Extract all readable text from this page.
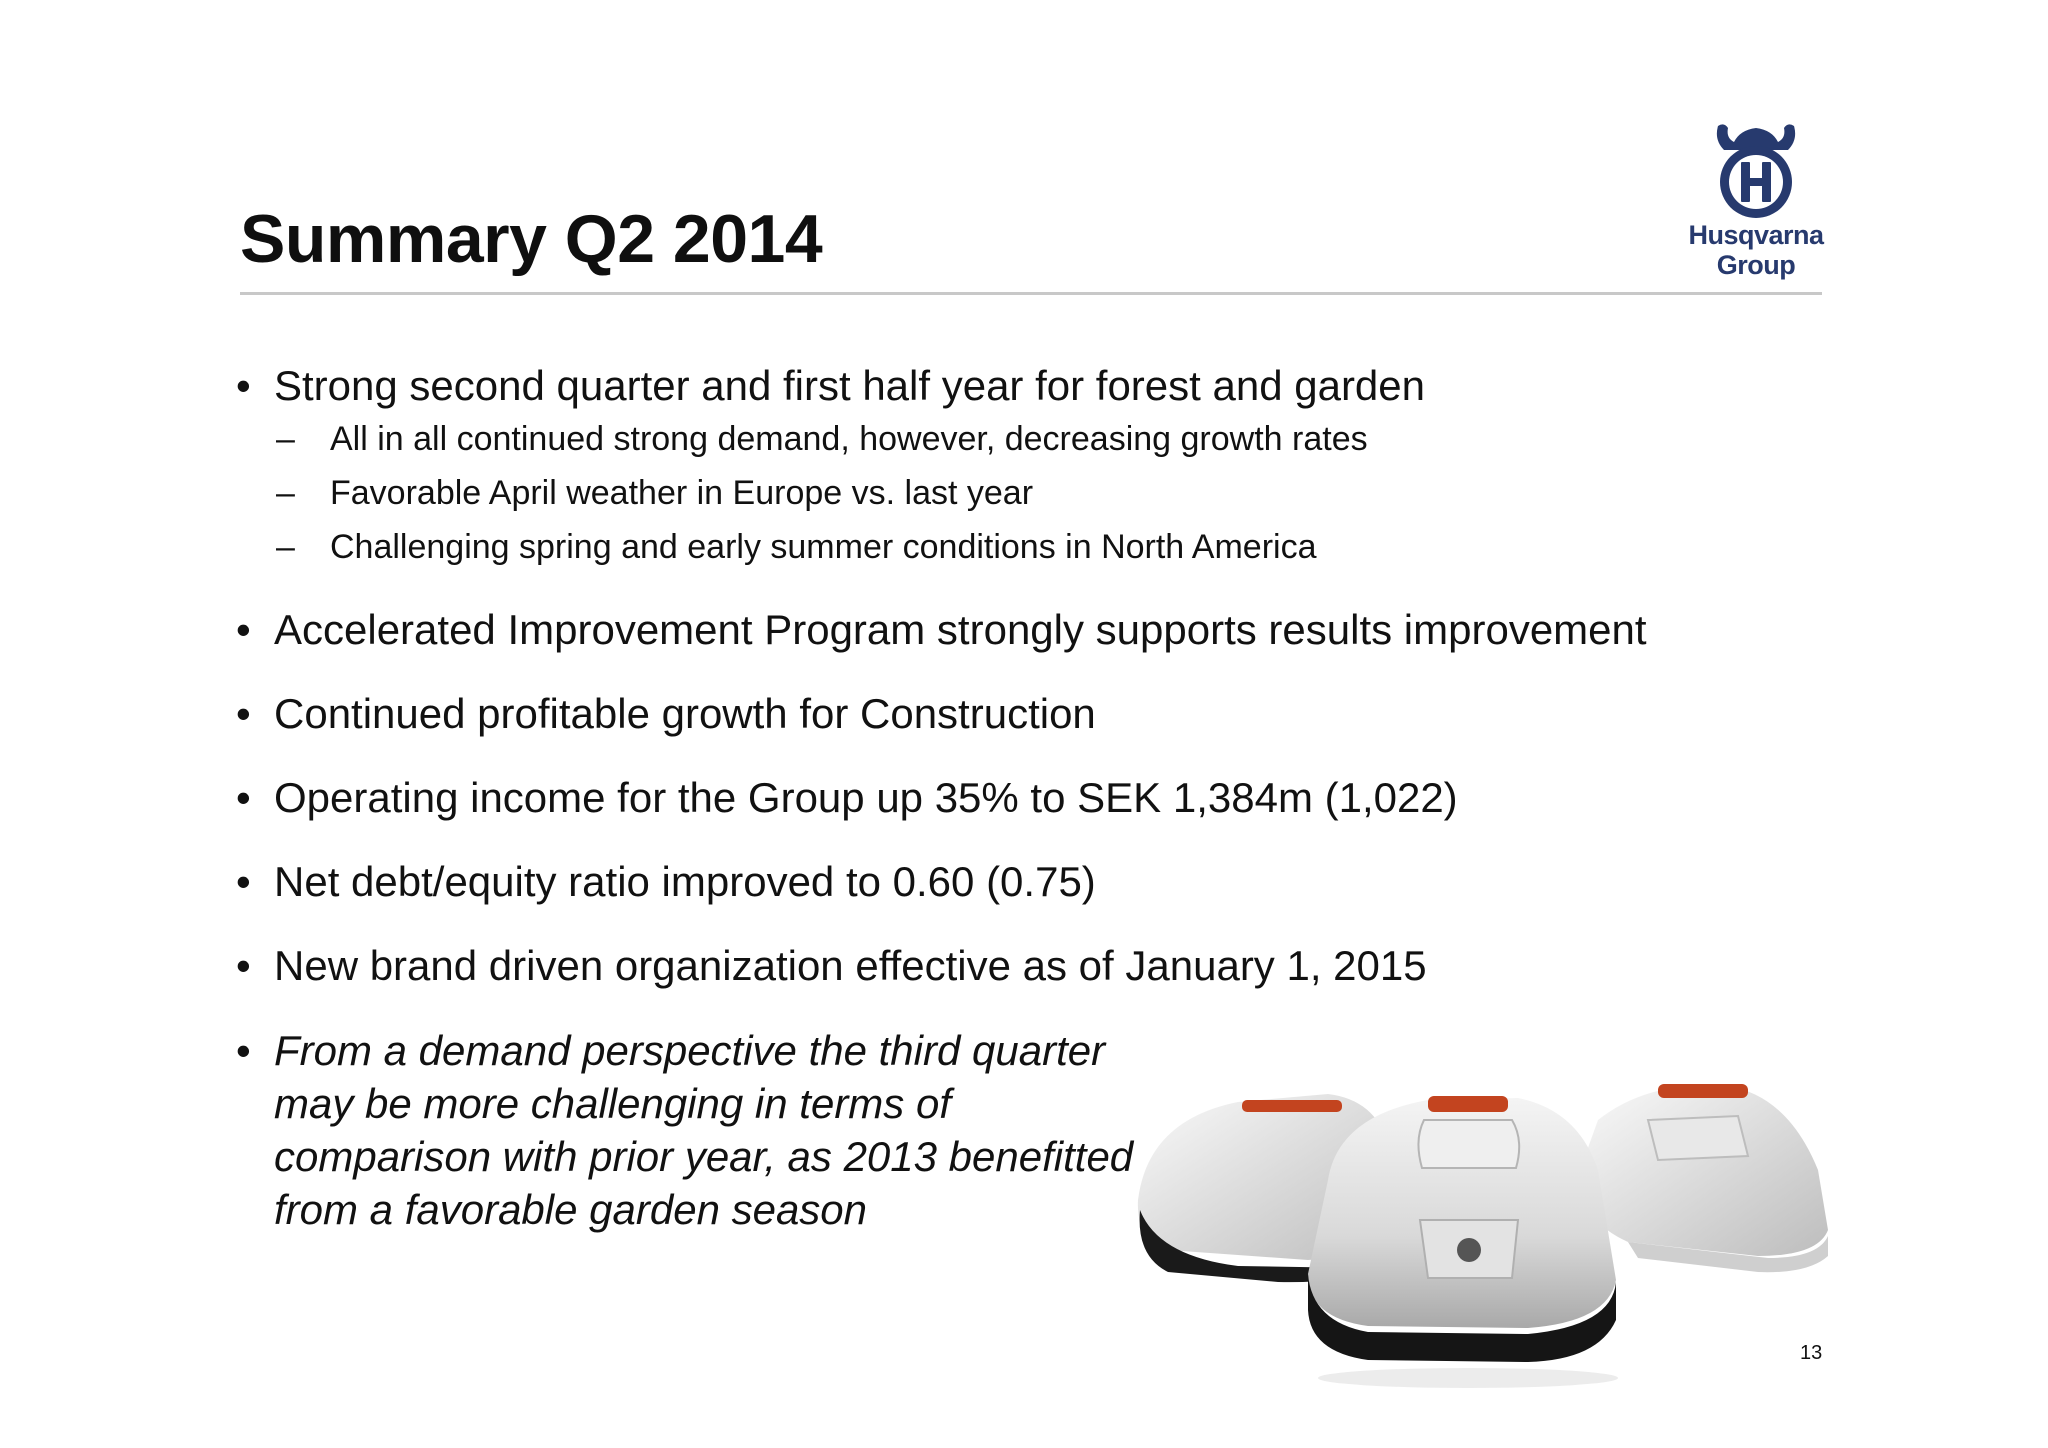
Summary Q2 2014	Husqvarna
Group
• Strong second quarter and first half year for forest and garden
– All in all continued strong demand, however, decreasing growth rates
– Favorable April weather in Europe vs. last year
– Challenging spring and early summer conditions in North America
• Accelerated Improvement Program strongly supports results improvement
• Continued profitable growth for Construction
• Operating income for the Group up 35% to SEK 1,384m (1,022)
• Net debt/equity ratio improved to 0.60 (0.75)
• New brand driven organization effective as of January 1, 2015
• From a demand perspective the third quarter may be more challenging in terms of comparison with prior year, as 2013 benefitted from a favorable garden season
13
